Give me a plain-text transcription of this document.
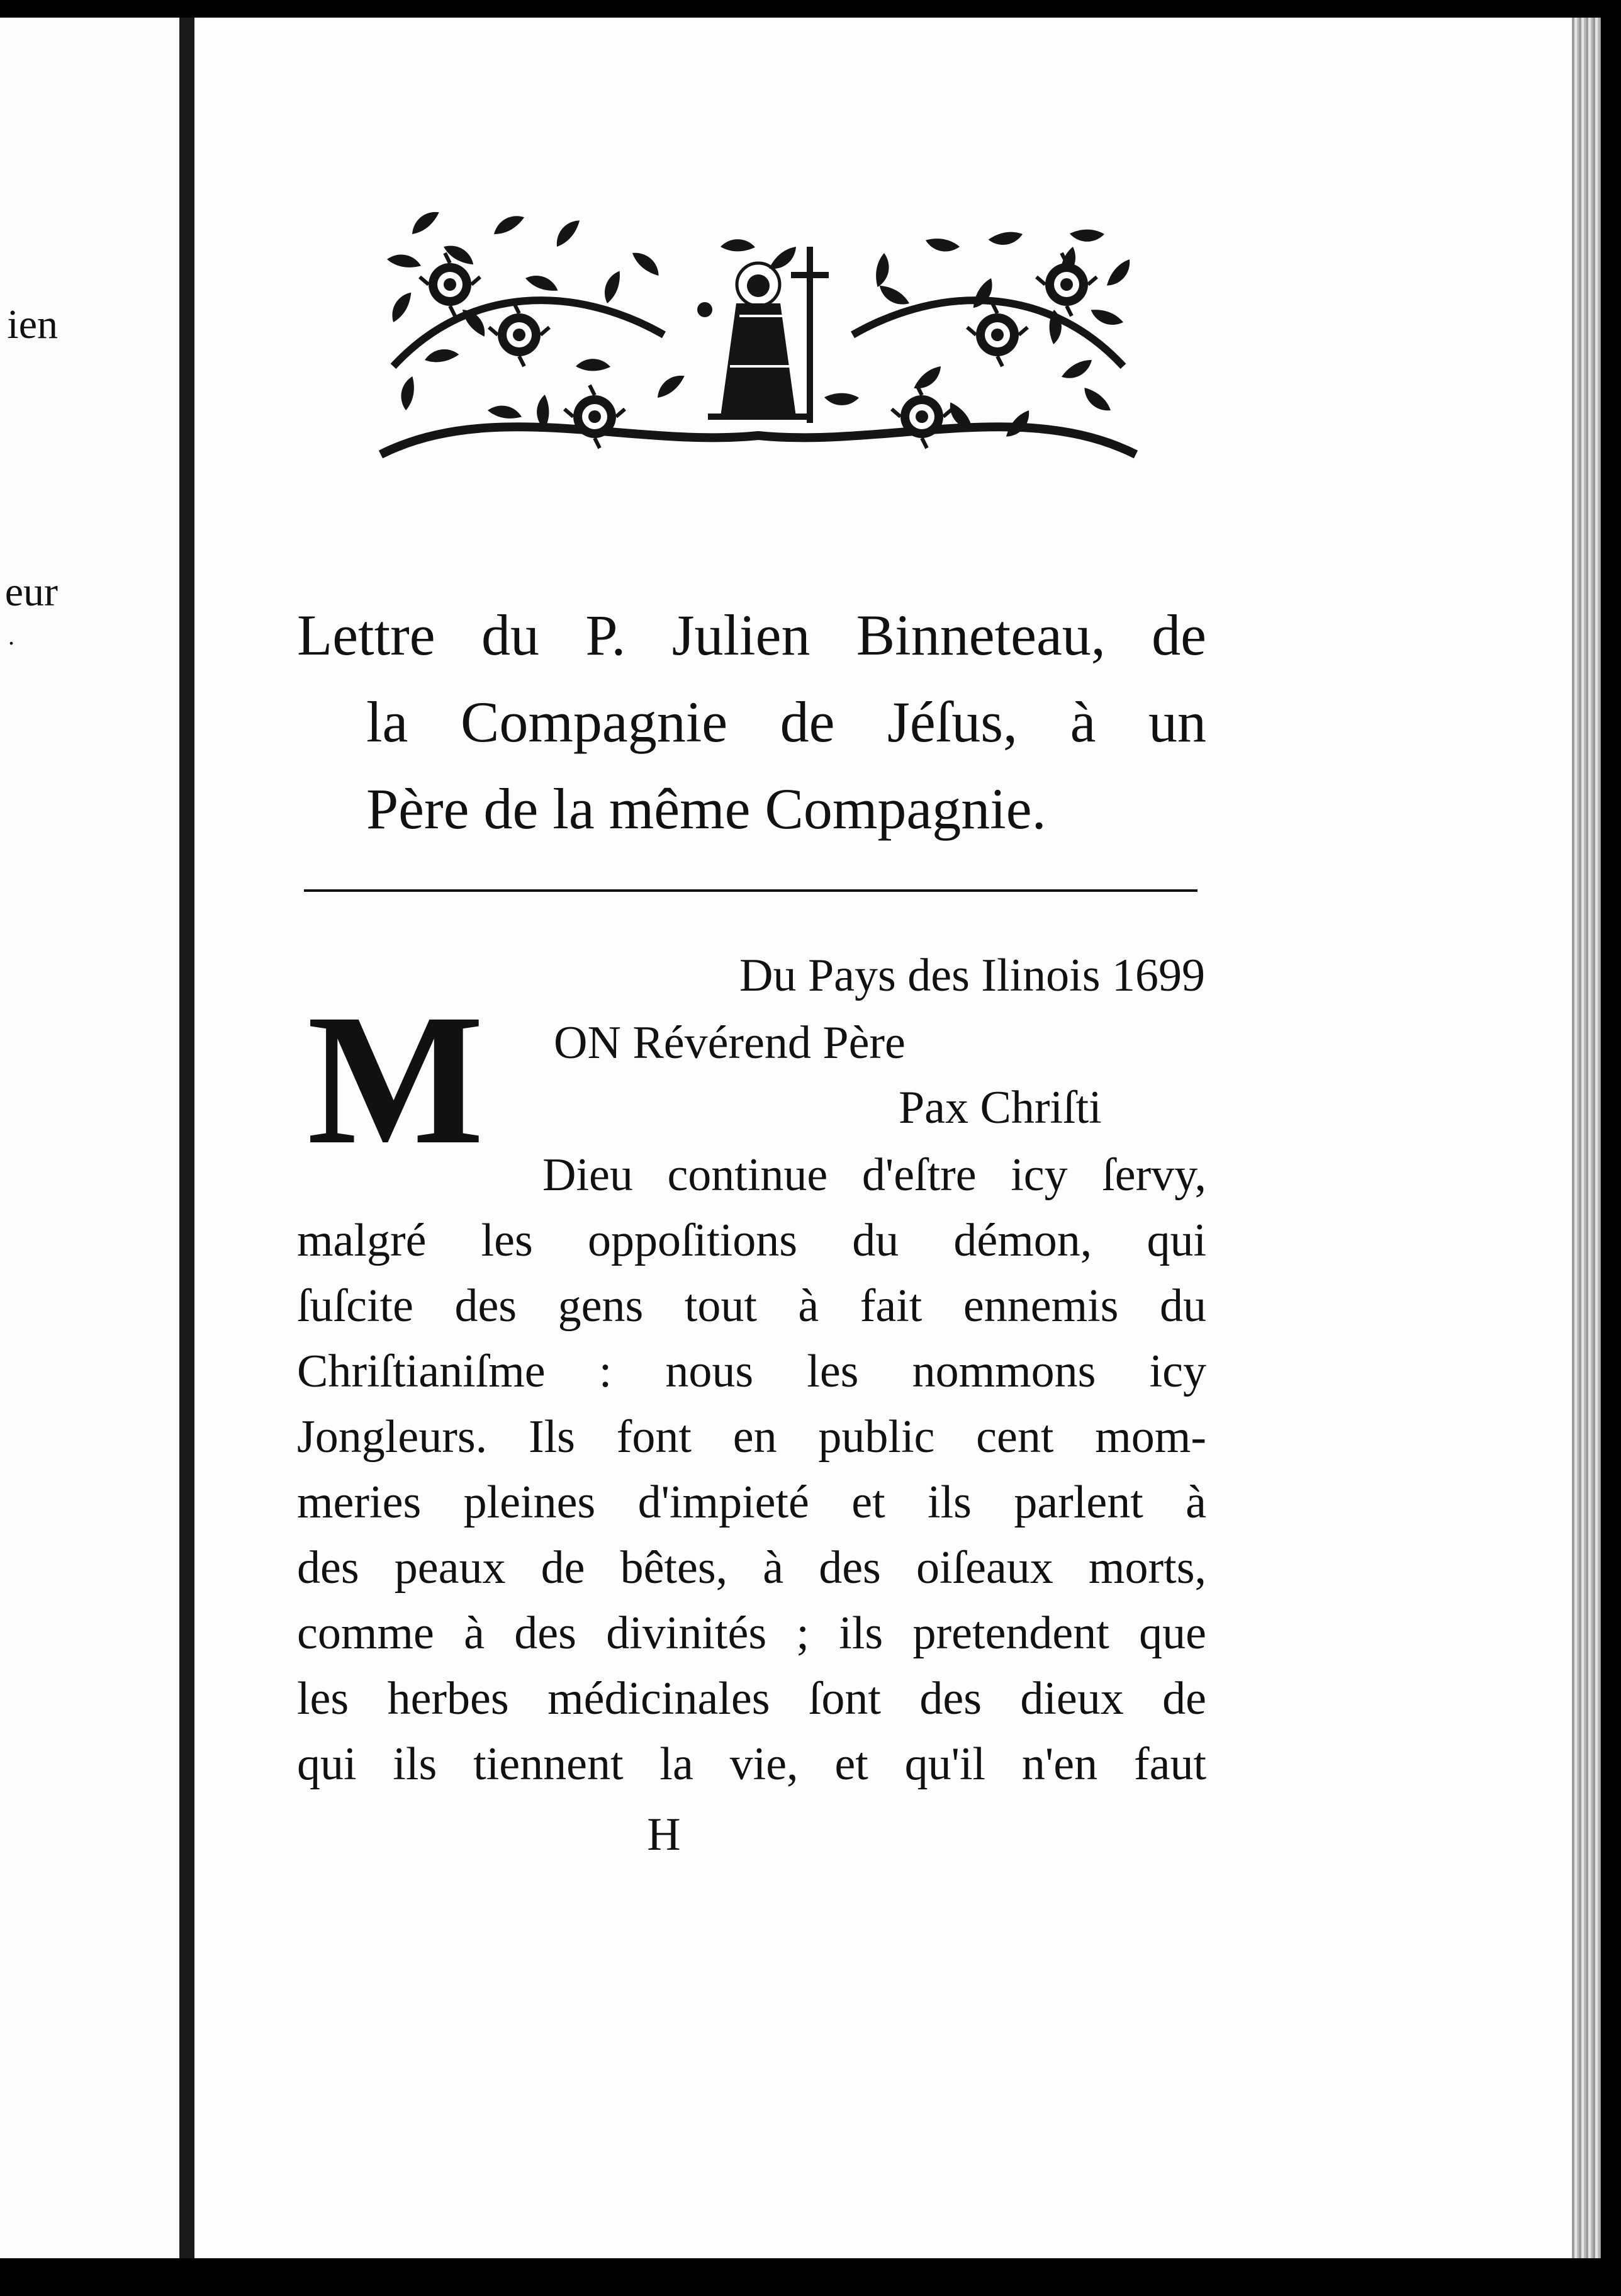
ien
eur
.	Lettre du P. Julien Binneteau, de
la Compagnie de Jéſus, à un
Père de la même Compagnie.
Du Pays des Ilinois 1699
M ON Révérend Père
Pax Chriſti
Dieu continue d'eſtre icy ſervy,
malgré les oppoſitions du démon, qui
ſuſcite des gens tout à fait ennemis du
Chriſtianiſme : nous les nommons icy
Jongleurs. Ils font en public cent mom-
meries pleines d'impieté et ils parlent à
des peaux de bêtes, à des oiſeaux morts,
comme à des divinités ; ils pretendent que
les herbes médicinales ſont des dieux de
qui ils tiennent la vie, et qu'il n'en faut
H
